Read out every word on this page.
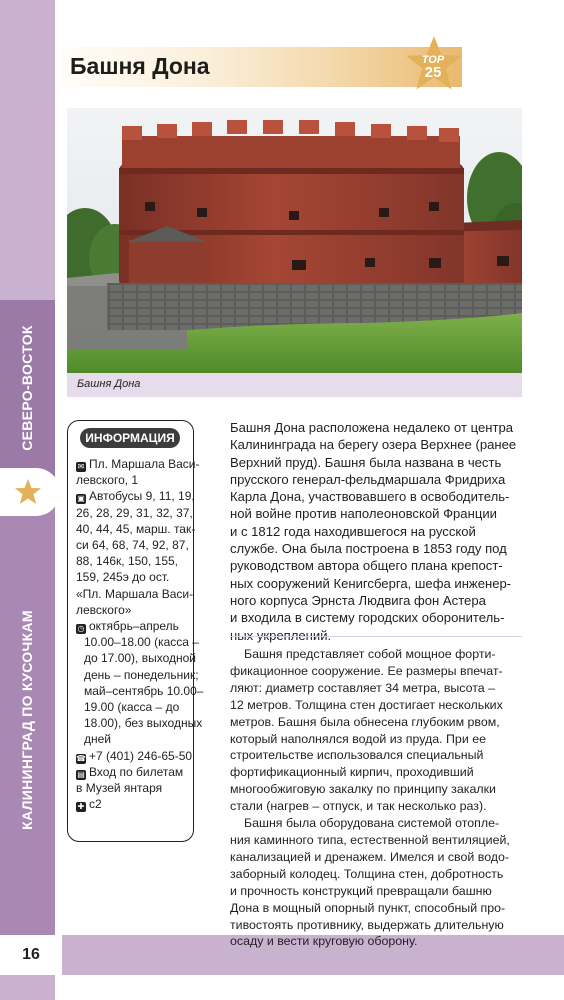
СЕВЕРО-ВОСТОК
КАЛИНИНГРАД ПО КУСОЧКАМ
16
Башня Дона	TOP
25
Башня Дона
ИНФОРМАЦИЯ
✉ Пл. Маршала Васи-
левского, 1
▣ Автобусы 9, 11, 19,
26, 28, 29, 31, 32, 37,
40, 44, 45, марш. так-
си 64, 68, 74, 92, 87,
88, 146к, 150, 155,
159, 245э до ост.
«Пл. Маршала Васи-
левского»
◷ октябрь–апрель
10.00–18.00 (касса –
до 17.00), выходной
день – понедельник;
май–сентябрь 10.00–
19.00 (касса – до
18.00), без выходных
дней
☎ +7 (401) 246-65-50
▤ Вход по билетам
в Музей янтаря
✚ с2
Башня Дона расположена недалеко от центра
Калининграда на берегу озера Верхнее (ранее
Верхний пруд). Башня была названа в честь
прусского генерал-фельдмаршала Фридриха
Карла Дона, участвовавшего в освободитель-
ной войне против наполеоновской Франции
и с 1812 года находившегося на русской
службе. Она была построена в 1853 году под
руководством автора общего плана крепост-
ных сооружений Кенигсберга, шефа инженер-
ного корпуса Эрнста Людвига фон Астера
и входила в систему городских оборонитель-
ных укреплений.
Башня представляет собой мощное форти-
фикационное сооружение. Ее размеры впечат-
ляют: диаметр составляет 34 метра, высота –
12 метров. Толщина стен достигает нескольких
метров. Башня была обнесена глубоким рвом,
который наполнялся водой из пруда. При ее
строительстве использовался специальный
фортификационный кирпич, проходивший
многообжиговую закалку по принципу закалки
стали (нагрев – отпуск, и так несколько раз).
Башня была оборудована системой отопле-
ния каминного типа, естественной вентиляцией,
канализацией и дренажем. Имелся и свой водо-
заборный колодец. Толщина стен, добротность
и прочность конструкций превращали башню
Дона в мощный опорный пункт, способный про-
тивостоять противнику, выдержать длительную
осаду и вести круговую оборону.
